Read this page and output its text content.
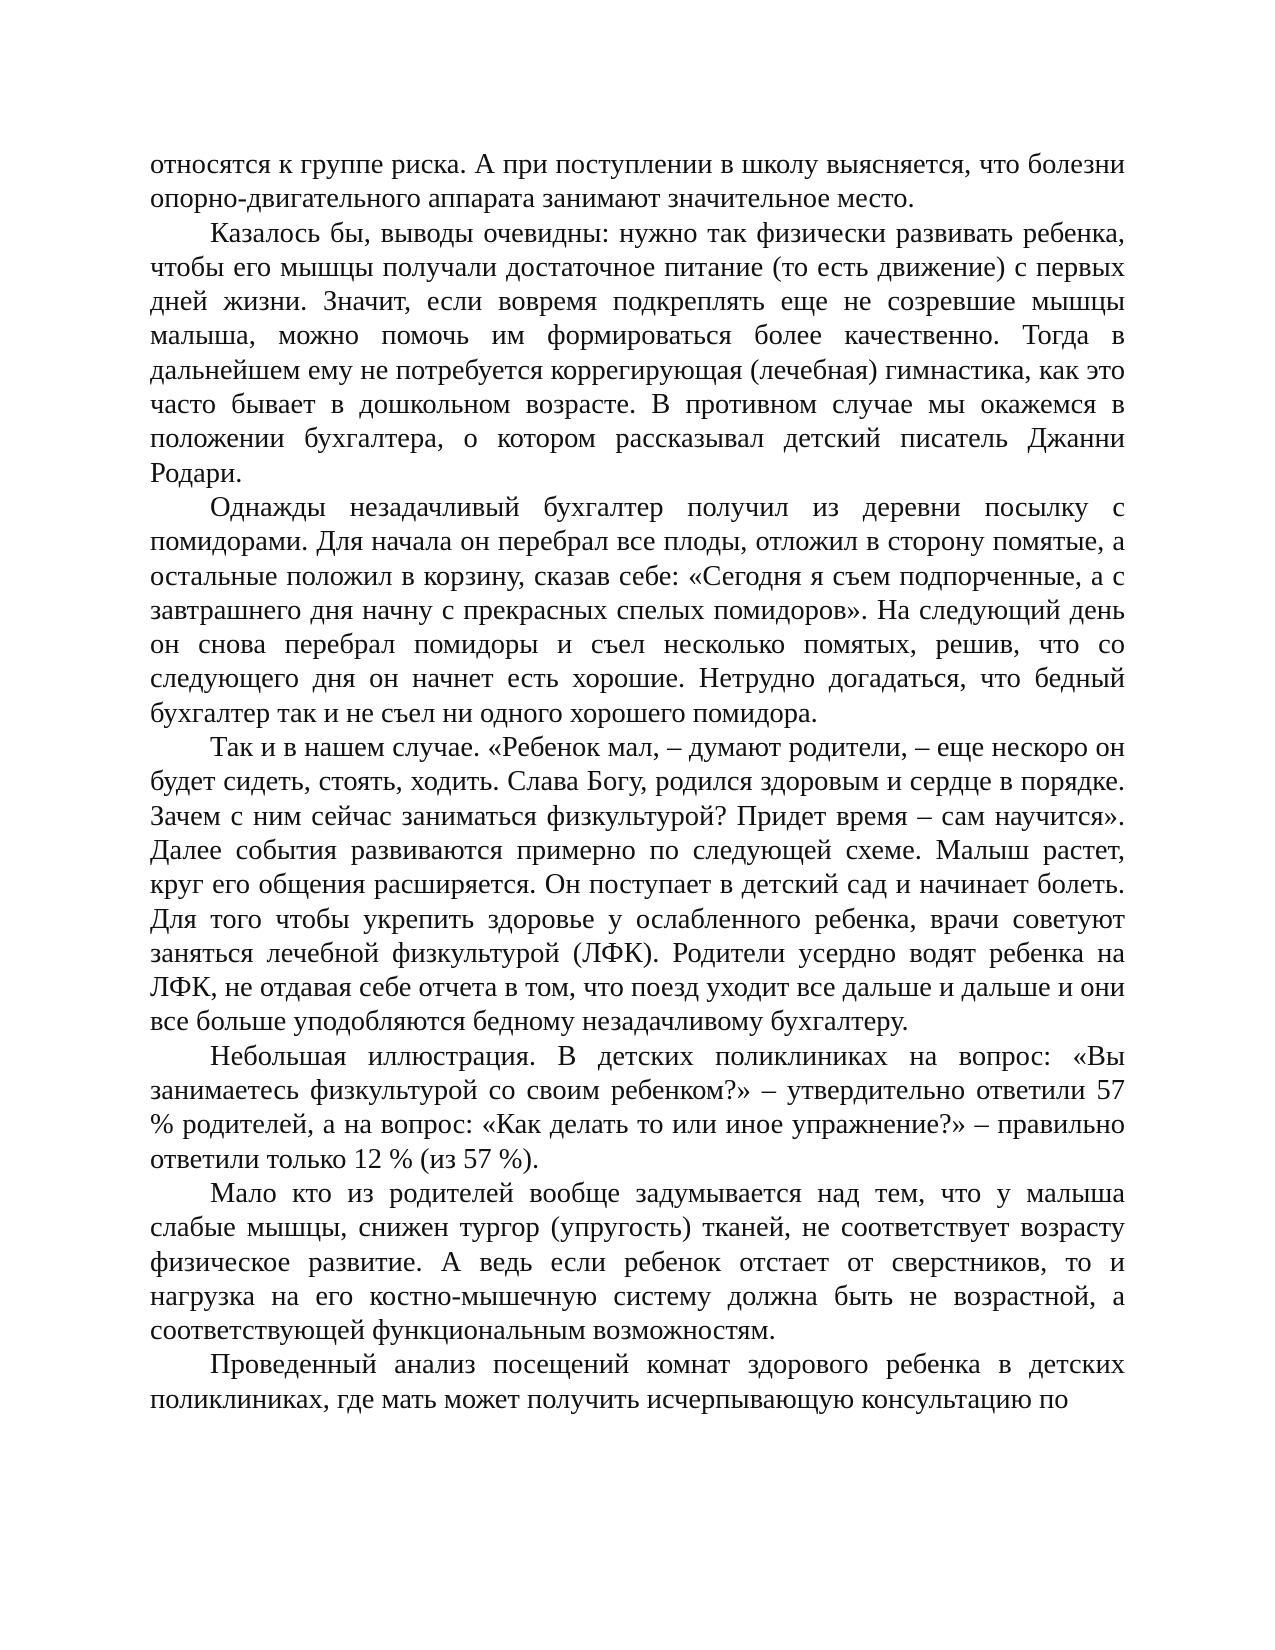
относятся к группе риска. А при поступлении в школу выясняется, что болезни опорно-двигательного аппарата занимают значительное место.

Казалось бы, выводы очевидны: нужно так физически развивать ребенка, чтобы его мышцы получали достаточное питание (то есть движение) с первых дней жизни. Значит, если вовремя подкреплять еще не созревшие мышцы малыша, можно помочь им формироваться более качественно. Тогда в дальнейшем ему не потребуется коррегирующая (лечебная) гимнастика, как это часто бывает в дошкольном возрасте. В противном случае мы окажемся в положении бухгалтера, о котором рассказывал детский писатель Джанни Родари.

Однажды незадачливый бухгалтер получил из деревни посылку с помидорами. Для начала он перебрал все плоды, отложил в сторону помятые, а остальные положил в корзину, сказав себе: «Сегодня я съем подпорченные, а с завтрашнего дня начну с прекрасных спелых помидоров». На следующий день он снова перебрал помидоры и съел несколько помятых, решив, что со следующего дня он начнет есть хорошие. Нетрудно догадаться, что бедный бухгалтер так и не съел ни одного хорошего помидора.

Так и в нашем случае. «Ребенок мал, – думают родители, – еще нескоро он будет сидеть, стоять, ходить. Слава Богу, родился здоровым и сердце в порядке. Зачем с ним сейчас заниматься физкультурой? Придет время – сам научится». Далее события развиваются примерно по следующей схеме. Малыш растет, круг его общения расширяется. Он поступает в детский сад и начинает болеть. Для того чтобы укрепить здоровье у ослабленного ребенка, врачи советуют заняться лечебной физкультурой (ЛФК). Родители усердно водят ребенка на ЛФК, не отдавая себе отчета в том, что поезд уходит все дальше и дальше и они все больше уподобляются бедному незадачливому бухгалтеру.

Небольшая иллюстрация. В детских поликлиниках на вопрос: «Вы занимаетесь физкультурой со своим ребенком?» – утвердительно ответили 57 % родителей, а на вопрос: «Как делать то или иное упражнение?» – правильно ответили только 12 % (из 57 %).

Мало кто из родителей вообще задумывается над тем, что у малыша слабые мышцы, снижен тургор (упругость) тканей, не соответствует возрасту физическое развитие. А ведь если ребенок отстает от сверстников, то и нагрузка на его костно-мышечную систему должна быть не возрастной, а соответствующей функциональным возможностям.

Проведенный анализ посещений комнат здорового ребенка в детских поликлиниках, где мать может получить исчерпывающую консультацию по
